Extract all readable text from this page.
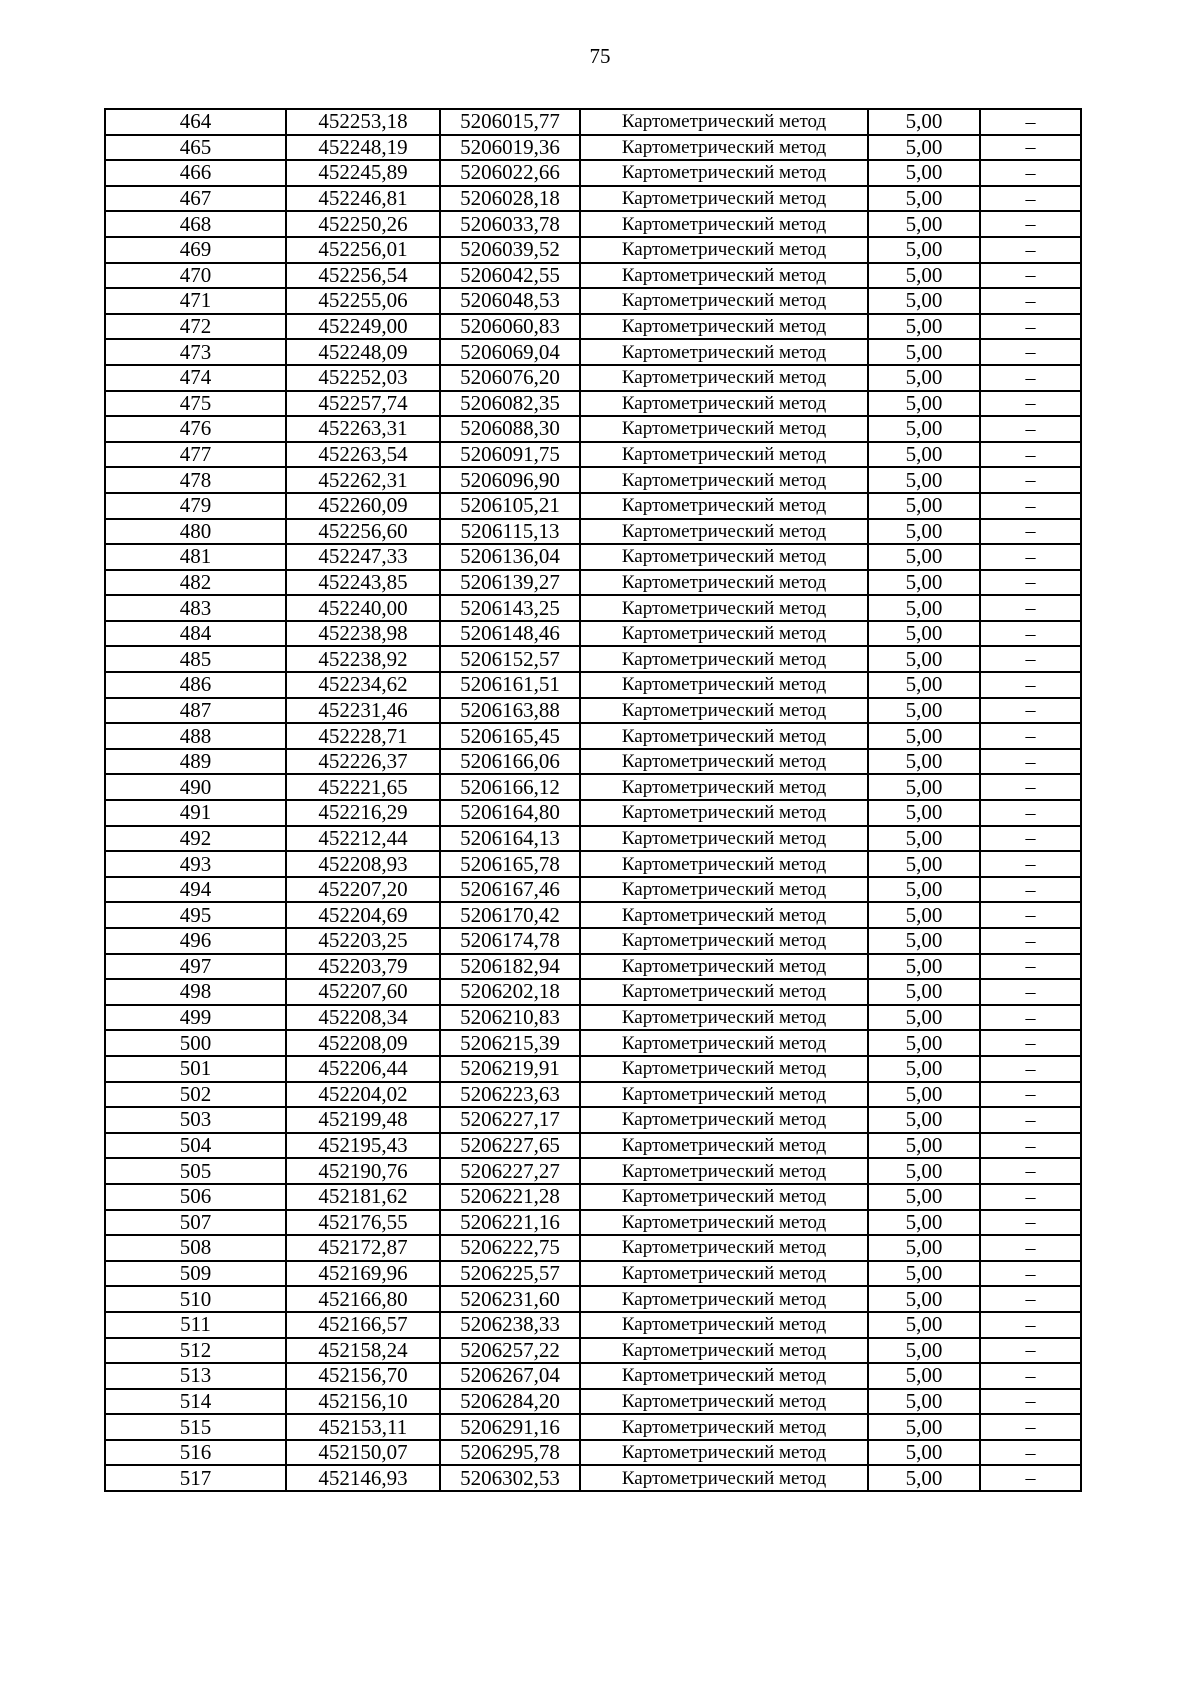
75
464	452253,18	5206015,77	Картометрический метод	5,00	–
465	452248,19	5206019,36	Картометрический метод	5,00	–
466	452245,89	5206022,66	Картометрический метод	5,00	–
467	452246,81	5206028,18	Картометрический метод	5,00	–
468	452250,26	5206033,78	Картометрический метод	5,00	–
469	452256,01	5206039,52	Картометрический метод	5,00	–
470	452256,54	5206042,55	Картометрический метод	5,00	–
471	452255,06	5206048,53	Картометрический метод	5,00	–
472	452249,00	5206060,83	Картометрический метод	5,00	–
473	452248,09	5206069,04	Картометрический метод	5,00	–
474	452252,03	5206076,20	Картометрический метод	5,00	–
475	452257,74	5206082,35	Картометрический метод	5,00	–
476	452263,31	5206088,30	Картометрический метод	5,00	–
477	452263,54	5206091,75	Картометрический метод	5,00	–
478	452262,31	5206096,90	Картометрический метод	5,00	–
479	452260,09	5206105,21	Картометрический метод	5,00	–
480	452256,60	5206115,13	Картометрический метод	5,00	–
481	452247,33	5206136,04	Картометрический метод	5,00	–
482	452243,85	5206139,27	Картометрический метод	5,00	–
483	452240,00	5206143,25	Картометрический метод	5,00	–
484	452238,98	5206148,46	Картометрический метод	5,00	–
485	452238,92	5206152,57	Картометрический метод	5,00	–
486	452234,62	5206161,51	Картометрический метод	5,00	–
487	452231,46	5206163,88	Картометрический метод	5,00	–
488	452228,71	5206165,45	Картометрический метод	5,00	–
489	452226,37	5206166,06	Картометрический метод	5,00	–
490	452221,65	5206166,12	Картометрический метод	5,00	–
491	452216,29	5206164,80	Картометрический метод	5,00	–
492	452212,44	5206164,13	Картометрический метод	5,00	–
493	452208,93	5206165,78	Картометрический метод	5,00	–
494	452207,20	5206167,46	Картометрический метод	5,00	–
495	452204,69	5206170,42	Картометрический метод	5,00	–
496	452203,25	5206174,78	Картометрический метод	5,00	–
497	452203,79	5206182,94	Картометрический метод	5,00	–
498	452207,60	5206202,18	Картометрический метод	5,00	–
499	452208,34	5206210,83	Картометрический метод	5,00	–
500	452208,09	5206215,39	Картометрический метод	5,00	–
501	452206,44	5206219,91	Картометрический метод	5,00	–
502	452204,02	5206223,63	Картометрический метод	5,00	–
503	452199,48	5206227,17	Картометрический метод	5,00	–
504	452195,43	5206227,65	Картометрический метод	5,00	–
505	452190,76	5206227,27	Картометрический метод	5,00	–
506	452181,62	5206221,28	Картометрический метод	5,00	–
507	452176,55	5206221,16	Картометрический метод	5,00	–
508	452172,87	5206222,75	Картометрический метод	5,00	–
509	452169,96	5206225,57	Картометрический метод	5,00	–
510	452166,80	5206231,60	Картометрический метод	5,00	–
511	452166,57	5206238,33	Картометрический метод	5,00	–
512	452158,24	5206257,22	Картометрический метод	5,00	–
513	452156,70	5206267,04	Картометрический метод	5,00	–
514	452156,10	5206284,20	Картометрический метод	5,00	–
515	452153,11	5206291,16	Картометрический метод	5,00	–
516	452150,07	5206295,78	Картометрический метод	5,00	–
517	452146,93	5206302,53	Картометрический метод	5,00	–
